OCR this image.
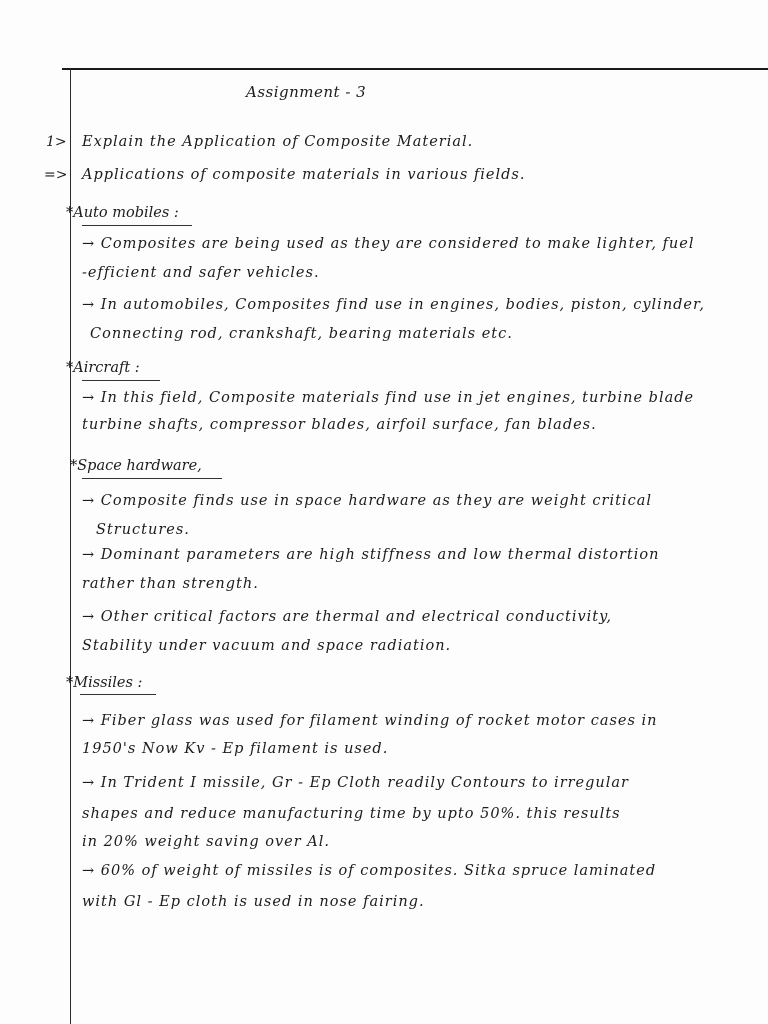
Assignment - 3
1> Explain the Application of Composite Material.
=> Applications of composite materials in various fields.
*Auto mobiles :
→ Composites are being used as they are considered to make lighter, fuel
-efficient and safer vehicles.
→ In automobiles, Composites find use in engines, bodies, piston, cylinder,
Connecting rod, crankshaft, bearing materials etc.
*Aircraft :
→ In this field, Composite materials find use in jet engines, turbine blade
turbine shafts, compressor blades, airfoil surface, fan blades.
*Space hardware,
→ Composite finds use in space hardware as they are weight critical
Structures.
→ Dominant parameters are high stiffness and low thermal distortion
rather than strength.
→ Other critical factors are thermal and electrical conductivity,
Stability under vacuum and space radiation.
*Missiles :
→ Fiber glass was used for filament winding of rocket motor cases in
1950's Now Kv - Ep filament is used.
→ In Trident I missile, Gr - Ep Cloth readily Contours to irregular
shapes and reduce manufacturing time by upto 50%. this results
in 20% weight saving over Al.
→ 60% of weight of missiles is of composites. Sitka spruce laminated
with Gl - Ep cloth is used in nose fairing.
